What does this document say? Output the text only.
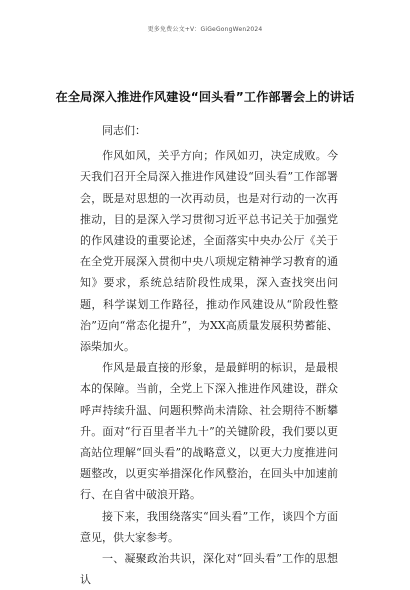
更多免费公文+V：GiGeGongWen2024
在全局深入推进作风建设“回头看”工作部署会上的讲话

同志们：

作风如风，关乎方向；作风如刃，决定成败。今天我们召开全局深入推进作风建设“回头看”工作部署会，既是对思想的一次再动员，也是对行动的一次再推动，目的是深入学习贯彻习近平总书记关于加强党的作风建设的重要论述，全面落实中央办公厅《关于在全党开展深入贯彻中央八项规定精神学习教育的通知》要求，系统总结阶段性成果，深入查找突出问题，科学谋划工作路径，推动作风建设从“阶段性整治”迈向“常态化提升”，为XX高质量发展积势蓄能、添柴加火。

作风是最直接的形象，是最鲜明的标识，是最根本的保障。当前，全党上下深入推进作风建设，群众呼声持续升温、问题积弊尚未清除、社会期待不断攀升。面对“行百里者半九十”的关键阶段，我们要以更高站位理解“回头看”的战略意义，以更大力度推进问题整改，以更实举措深化作风整治，在回头中加速前行、在自省中破浪开路。

接下来，我围绕落实“回头看”工作，谈四个方面意见，供大家参考。

一、凝聚政治共识，深化对“回头看”工作的思想认
